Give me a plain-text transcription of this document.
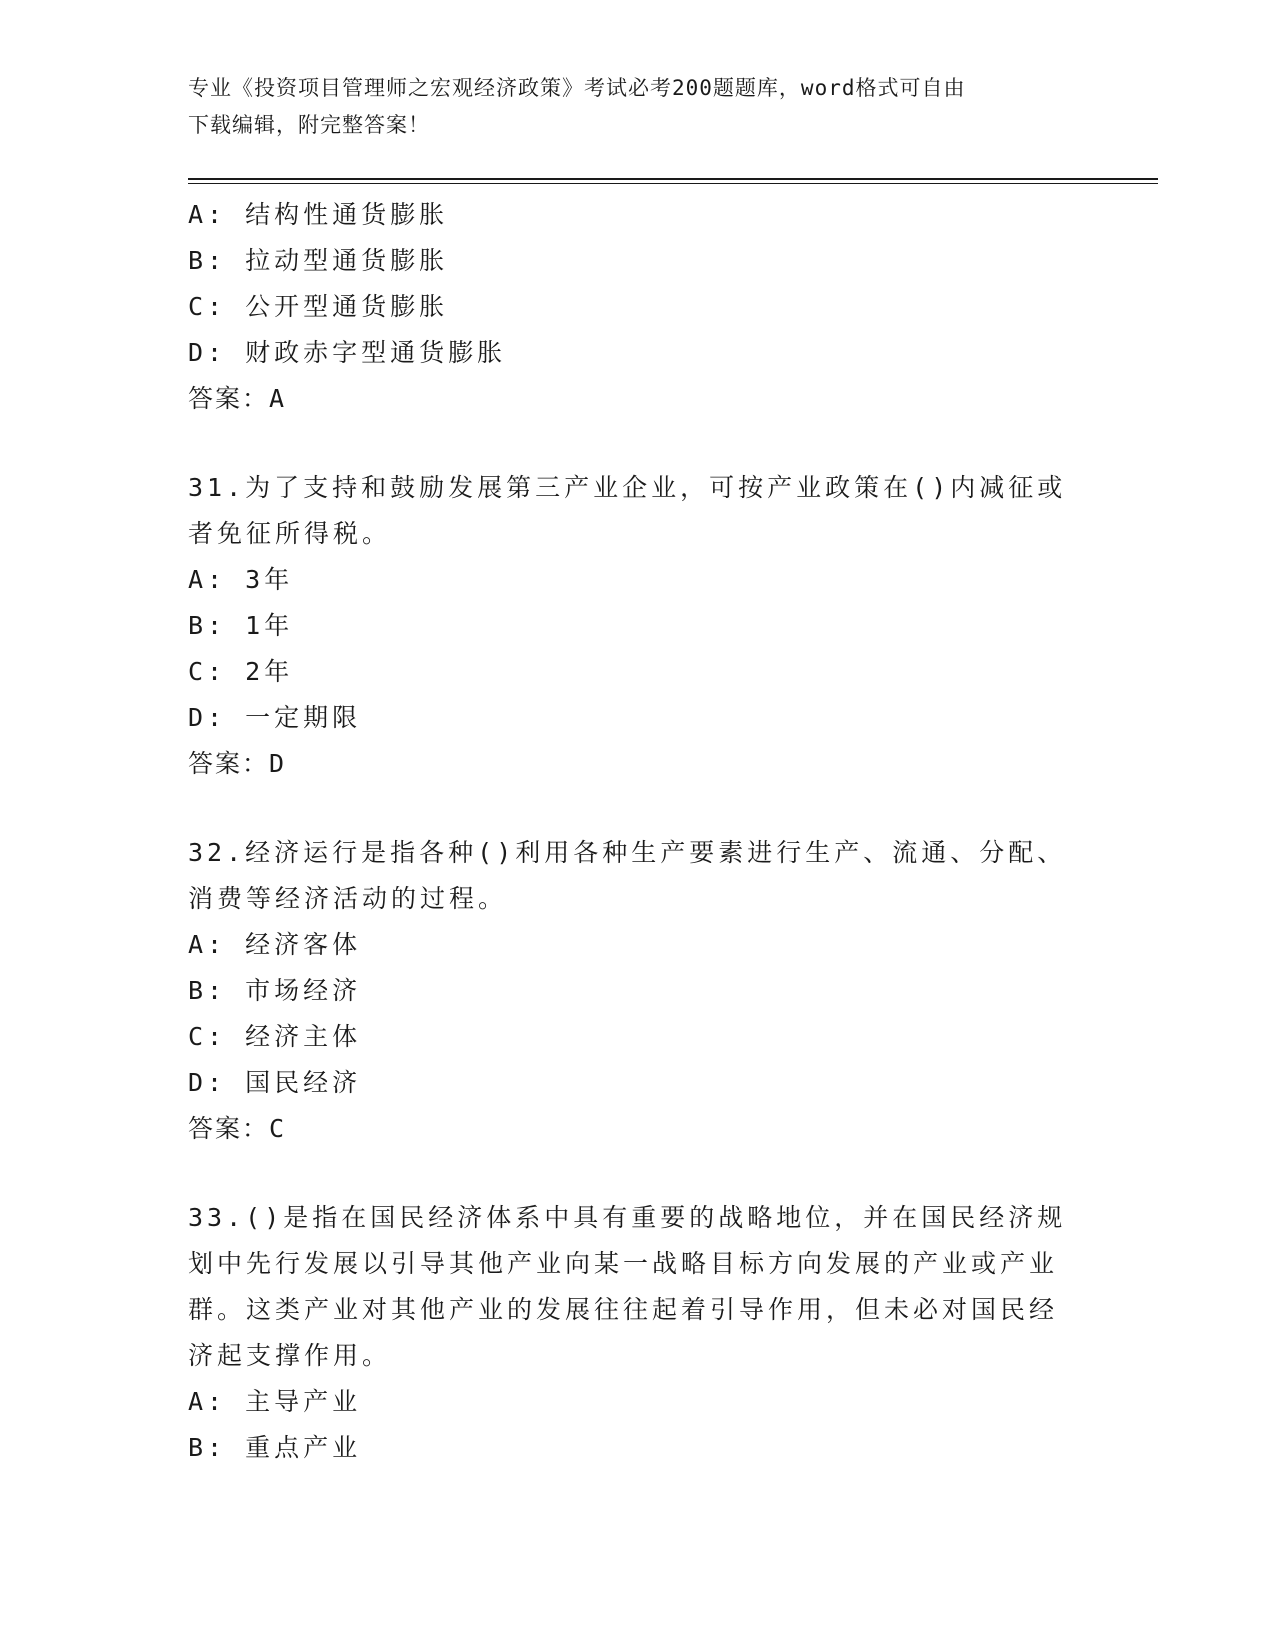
专业《投资项目管理师之宏观经济政策》考试必考200题题库，word格式可自由
下载编辑，附完整答案！
A: 结构性通货膨胀
B: 拉动型通货膨胀
C: 公开型通货膨胀
D: 财政赤字型通货膨胀
答案：A
31.为了支持和鼓励发展第三产业企业，可按产业政策在()内减征或者免征所得税。
A: 3年
B: 1年
C: 2年
D: 一定期限
答案：D
32.经济运行是指各种()利用各种生产要素进行生产、流通、分配、消费等经济活动的过程。
A: 经济客体
B: 市场经济
C: 经济主体
D: 国民经济
答案：C
33.()是指在国民经济体系中具有重要的战略地位，并在国民经济规划中先行发展以引导其他产业向某一战略目标方向发展的产业或产业群。这类产业对其他产业的发展往往起着引导作用，但未必对国民经济起支撑作用。
A: 主导产业
B: 重点产业
